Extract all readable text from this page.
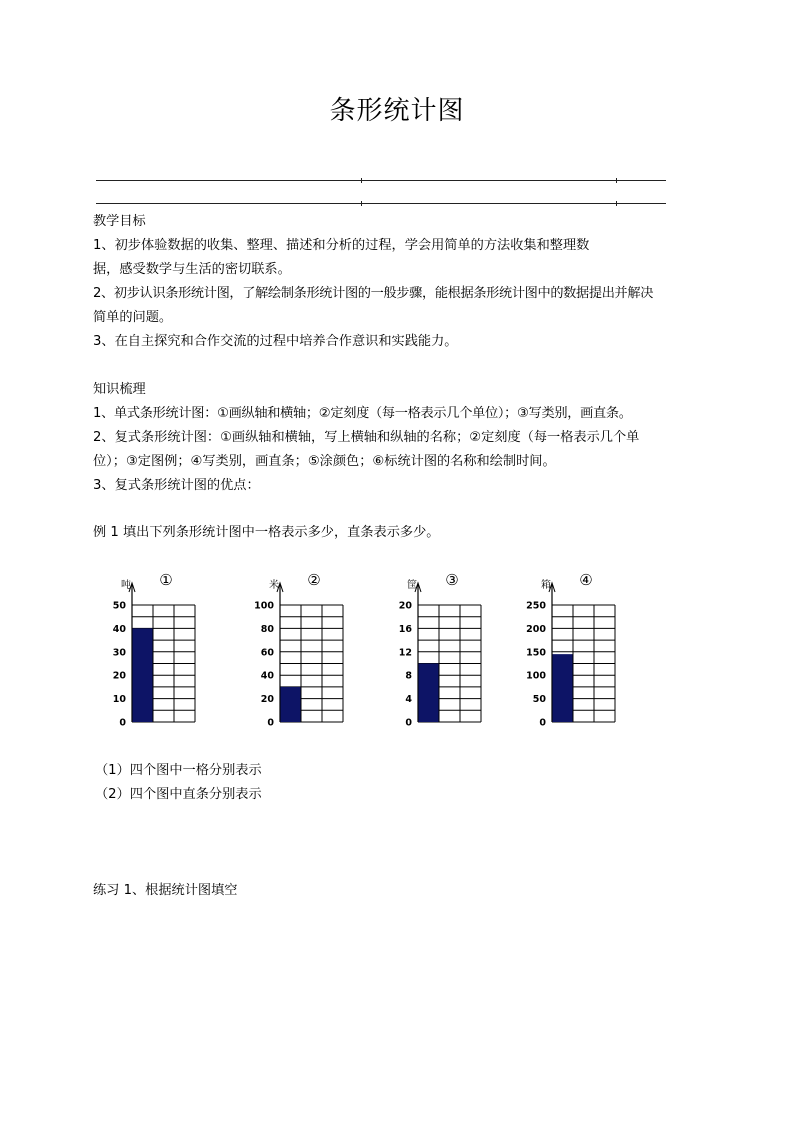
条形统计图
教学目标
1、初步体验数据的收集、整理、描述和分析的过程，学会用简单的方法收集和整理数
据，感受数学与生活的密切联系。
2、初步认识条形统计图，了解绘制条形统计图的一般步骤，能根据条形统计图中的数据提出并解决
简单的问题。
3、在自主探究和合作交流的过程中培养合作意识和实践能力。
知识梳理
1、单式条形统计图：①画纵轴和横轴；②定刻度（每一格表示几个单位）；③写类别，画直条。
2、复式条形统计图：①画纵轴和横轴，写上横轴和纵轴的名称；②定刻度（每一格表示几个单
位）；③定图例；④写类别，画直条；⑤涂颜色；⑥标统计图的名称和绘制时间。
3、复式条形统计图的优点：
例 1 填出下列条形统计图中一格表示多少，直条表示多少。
吨 ①
0
10
20
30
40
50
米 ②
0
20
40
60
80
100
筐 ③
0
4
8
12
16
20
箱 ④
0
50
100
150
200
250
（1）四个图中一格分别表示
（2）四个图中直条分别表示
练习 1、根据统计图填空
